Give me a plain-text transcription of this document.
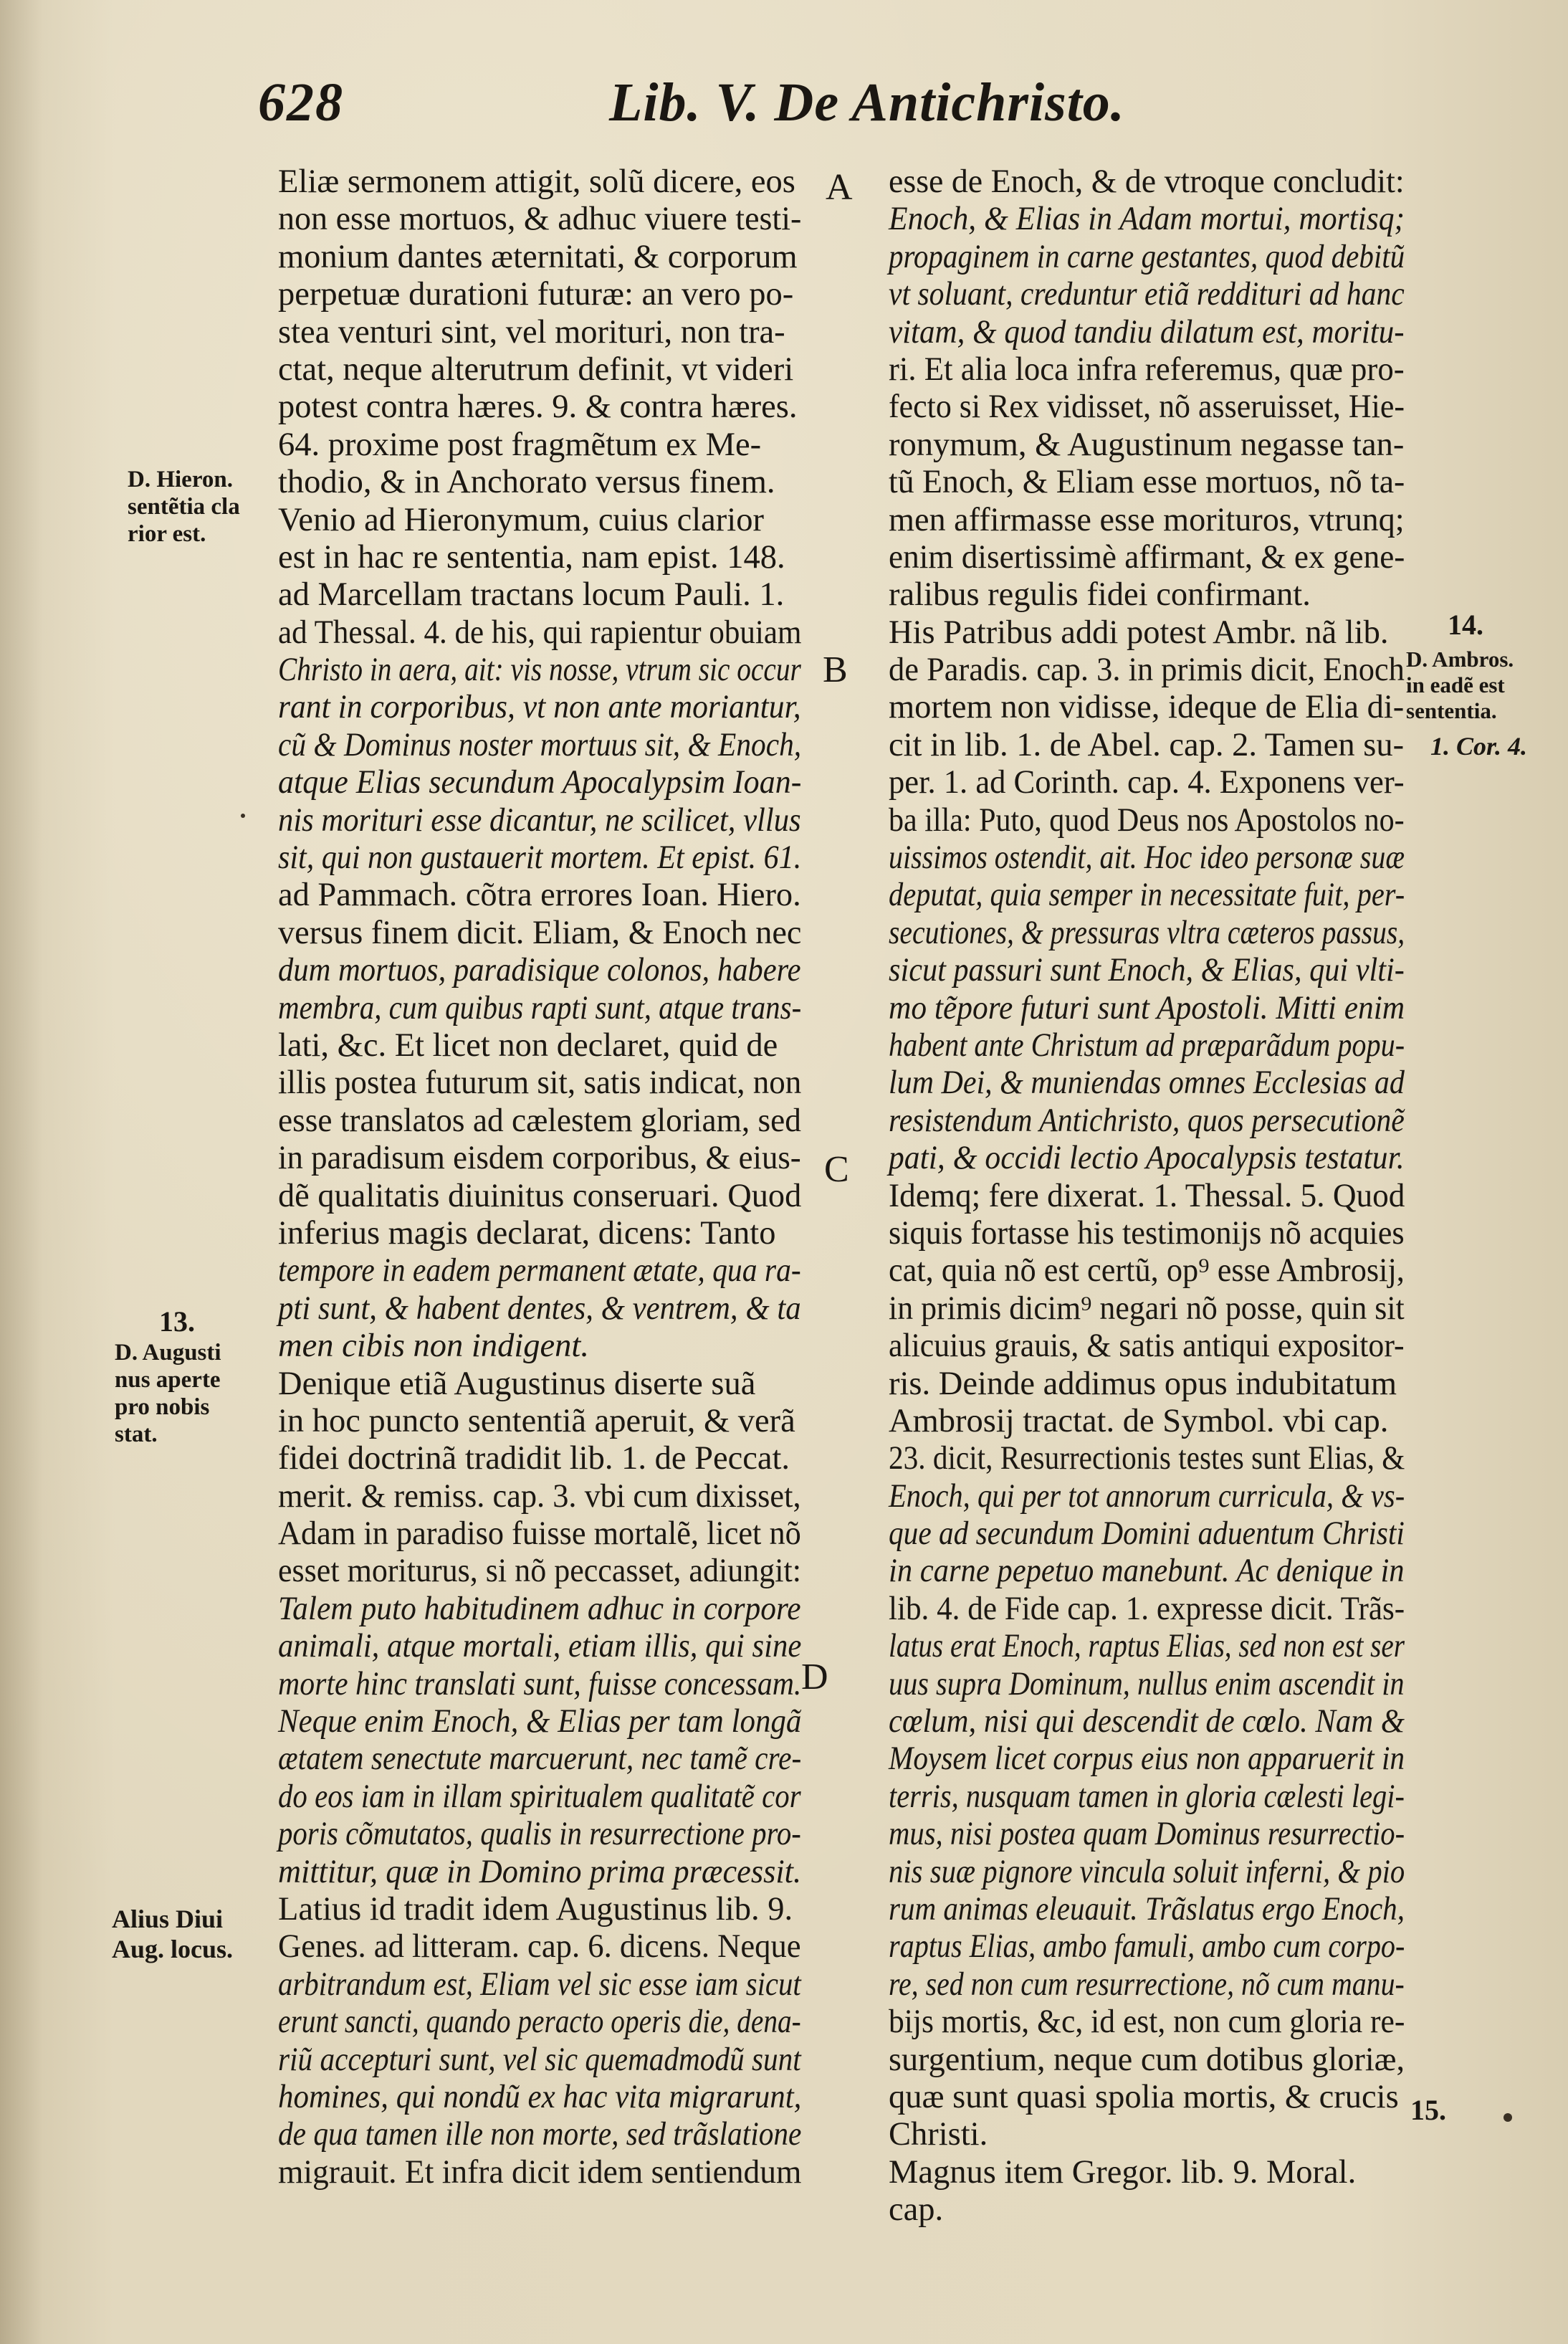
628	Lib. V. De Antichristo.
A
B
C
D
D. Hieron.
sentẽtia cla
rior est.
13.
D. Augusti
nus aperte
pro nobis
stat.
Alius Diui
Aug. locus.
14.
D. Ambros.
in eadẽ est
sententia.
1. Cor. 4.
15.
Eliæ sermonem attigit, solũ dicere, eos
non esse mortuos, & adhuc viuere testi-
monium dantes æternitati, & corporum
perpetuæ durationi futuræ: an vero po-
stea venturi sint, vel morituri, non tra-
ctat, neque alterutrum definit, vt videri
potest contra hæres. 9. & contra hæres.
64. proxime post fragmẽtum ex Me-
thodio, & in Anchorato versus finem.
Venio ad Hieronymum, cuius clarior
est in hac re sententia, nam epist. 148.
ad Marcellam tractans locum Pauli. 1.
ad Thessal. 4. de his, qui rapientur obuiam
Christo in aera, ait: vis nosse, vtrum sic occur
rant in corporibus, vt non ante moriantur,
cũ & Dominus noster mortuus sit, & Enoch,
atque Elias secundum Apocalypsim Ioan-
nis morituri esse dicantur, ne scilicet, vllus
sit, qui non gustauerit mortem. Et epist. 61.
ad Pammach. cõtra errores Ioan. Hiero.
versus finem dicit. Eliam, & Enoch nec
dum mortuos, paradisique colonos, habere
membra, cum quibus rapti sunt, atque trans-
lati, &c. Et licet non declaret, quid de
illis postea futurum sit, satis indicat, non
esse translatos ad cælestem gloriam, sed
in paradisum eisdem corporibus, & eius-
dẽ qualitatis diuinitus conseruari. Quod
inferius magis declarat, dicens: Tanto
tempore in eadem permanent ætate, qua ra-
pti sunt, & habent dentes, & ventrem, & ta
men cibis non indigent.
Denique etiã Augustinus diserte suã
in hoc puncto sententiã aperuit, & verã
fidei doctrinã tradidit lib. 1. de Peccat.
merit. & remiss. cap. 3. vbi cum dixisset,
Adam in paradiso fuisse mortalẽ, licet nõ
esset moriturus, si nõ peccasset, adiungit:
Talem puto habitudinem adhuc in corpore
animali, atque mortali, etiam illis, qui sine
morte hinc translati sunt, fuisse concessam.
Neque enim Enoch, & Elias per tam longã
ætatem senectute marcuerunt, nec tamẽ cre-
do eos iam in illam spiritualem qualitatẽ cor
poris cõmutatos, qualis in resurrectione pro-
mittitur, quæ in Domino prima præcessit.
Latius id tradit idem Augustinus lib. 9.
Genes. ad litteram. cap. 6. dicens. Neque
arbitrandum est, Eliam vel sic esse iam sicut
erunt sancti, quando peracto operis die, dena-
riũ accepturi sunt, vel sic quemadmodũ sunt
homines, qui nondũ ex hac vita migrarunt,
de qua tamen ille non morte, sed trãslatione
migrauit. Et infra dicit idem sentiendum
esse de Enoch, & de vtroque concludit:
Enoch, & Elias in Adam mortui, mortisq;
propaginem in carne gestantes, quod debitũ
vt soluant, creduntur etiã reddituri ad hanc
vitam, & quod tandiu dilatum est, moritu-
ri. Et alia loca infra referemus, quæ pro-
fecto si Rex vidisset, nõ asseruisset, Hie-
ronymum, & Augustinum negasse tan-
tũ Enoch, & Eliam esse mortuos, nõ ta-
men affirmasse esse morituros, vtrunq;
enim disertissimè affirmant, & ex gene-
ralibus regulis fidei confirmant.
His Patribus addi potest Ambr. nã lib.
de Paradis. cap. 3. in primis dicit, Enoch
mortem non vidisse, ideque de Elia di-
cit in lib. 1. de Abel. cap. 2. Tamen su-
per. 1. ad Corinth. cap. 4. Exponens ver-
ba illa: Puto, quod Deus nos Apostolos no-
uissimos ostendit, ait. Hoc ideo personæ suæ
deputat, quia semper in necessitate fuit, per-
secutiones, & pressuras vltra cæteros passus,
sicut passuri sunt Enoch, & Elias, qui vlti-
mo tẽpore futuri sunt Apostoli. Mitti enim
habent ante Christum ad præparãdum popu-
lum Dei, & muniendas omnes Ecclesias ad
resistendum Antichristo, quos persecutionẽ
pati, & occidi lectio Apocalypsis testatur.
Idemq; fere dixerat. 1. Thessal. 5. Quod
siquis fortasse his testimonijs nõ acquies
cat, quia nõ est certũ, op⁹ esse Ambrosij,
in primis dicim⁹ negari nõ posse, quin sit
alicuius grauis, & satis antiqui expositor-
ris. Deinde addimus opus indubitatum
Ambrosij tractat. de Symbol. vbi cap.
23. dicit, Resurrectionis testes sunt Elias, &
Enoch, qui per tot annorum curricula, & vs-
que ad secundum Domini aduentum Christi
in carne pepetuo manebunt. Ac denique in
lib. 4. de Fide cap. 1. expresse dicit. Trãs-
latus erat Enoch, raptus Elias, sed non est ser
uus supra Dominum, nullus enim ascendit in
cœlum, nisi qui descendit de cœlo. Nam &
Moysem licet corpus eius non apparuerit in
terris, nusquam tamen in gloria cælesti legi-
mus, nisi postea quam Dominus resurrectio-
nis suæ pignore vincula soluit inferni, & pio
rum animas eleuauit. Trãslatus ergo Enoch,
raptus Elias, ambo famuli, ambo cum corpo-
re, sed non cum resurrectione, nõ cum manu-
bijs mortis, &c, id est, non cum gloria re-
surgentium, neque cum dotibus gloriæ,
quæ sunt quasi spolia mortis, & crucis
Christi.
Magnus item Gregor. lib. 9. Moral.
cap.
